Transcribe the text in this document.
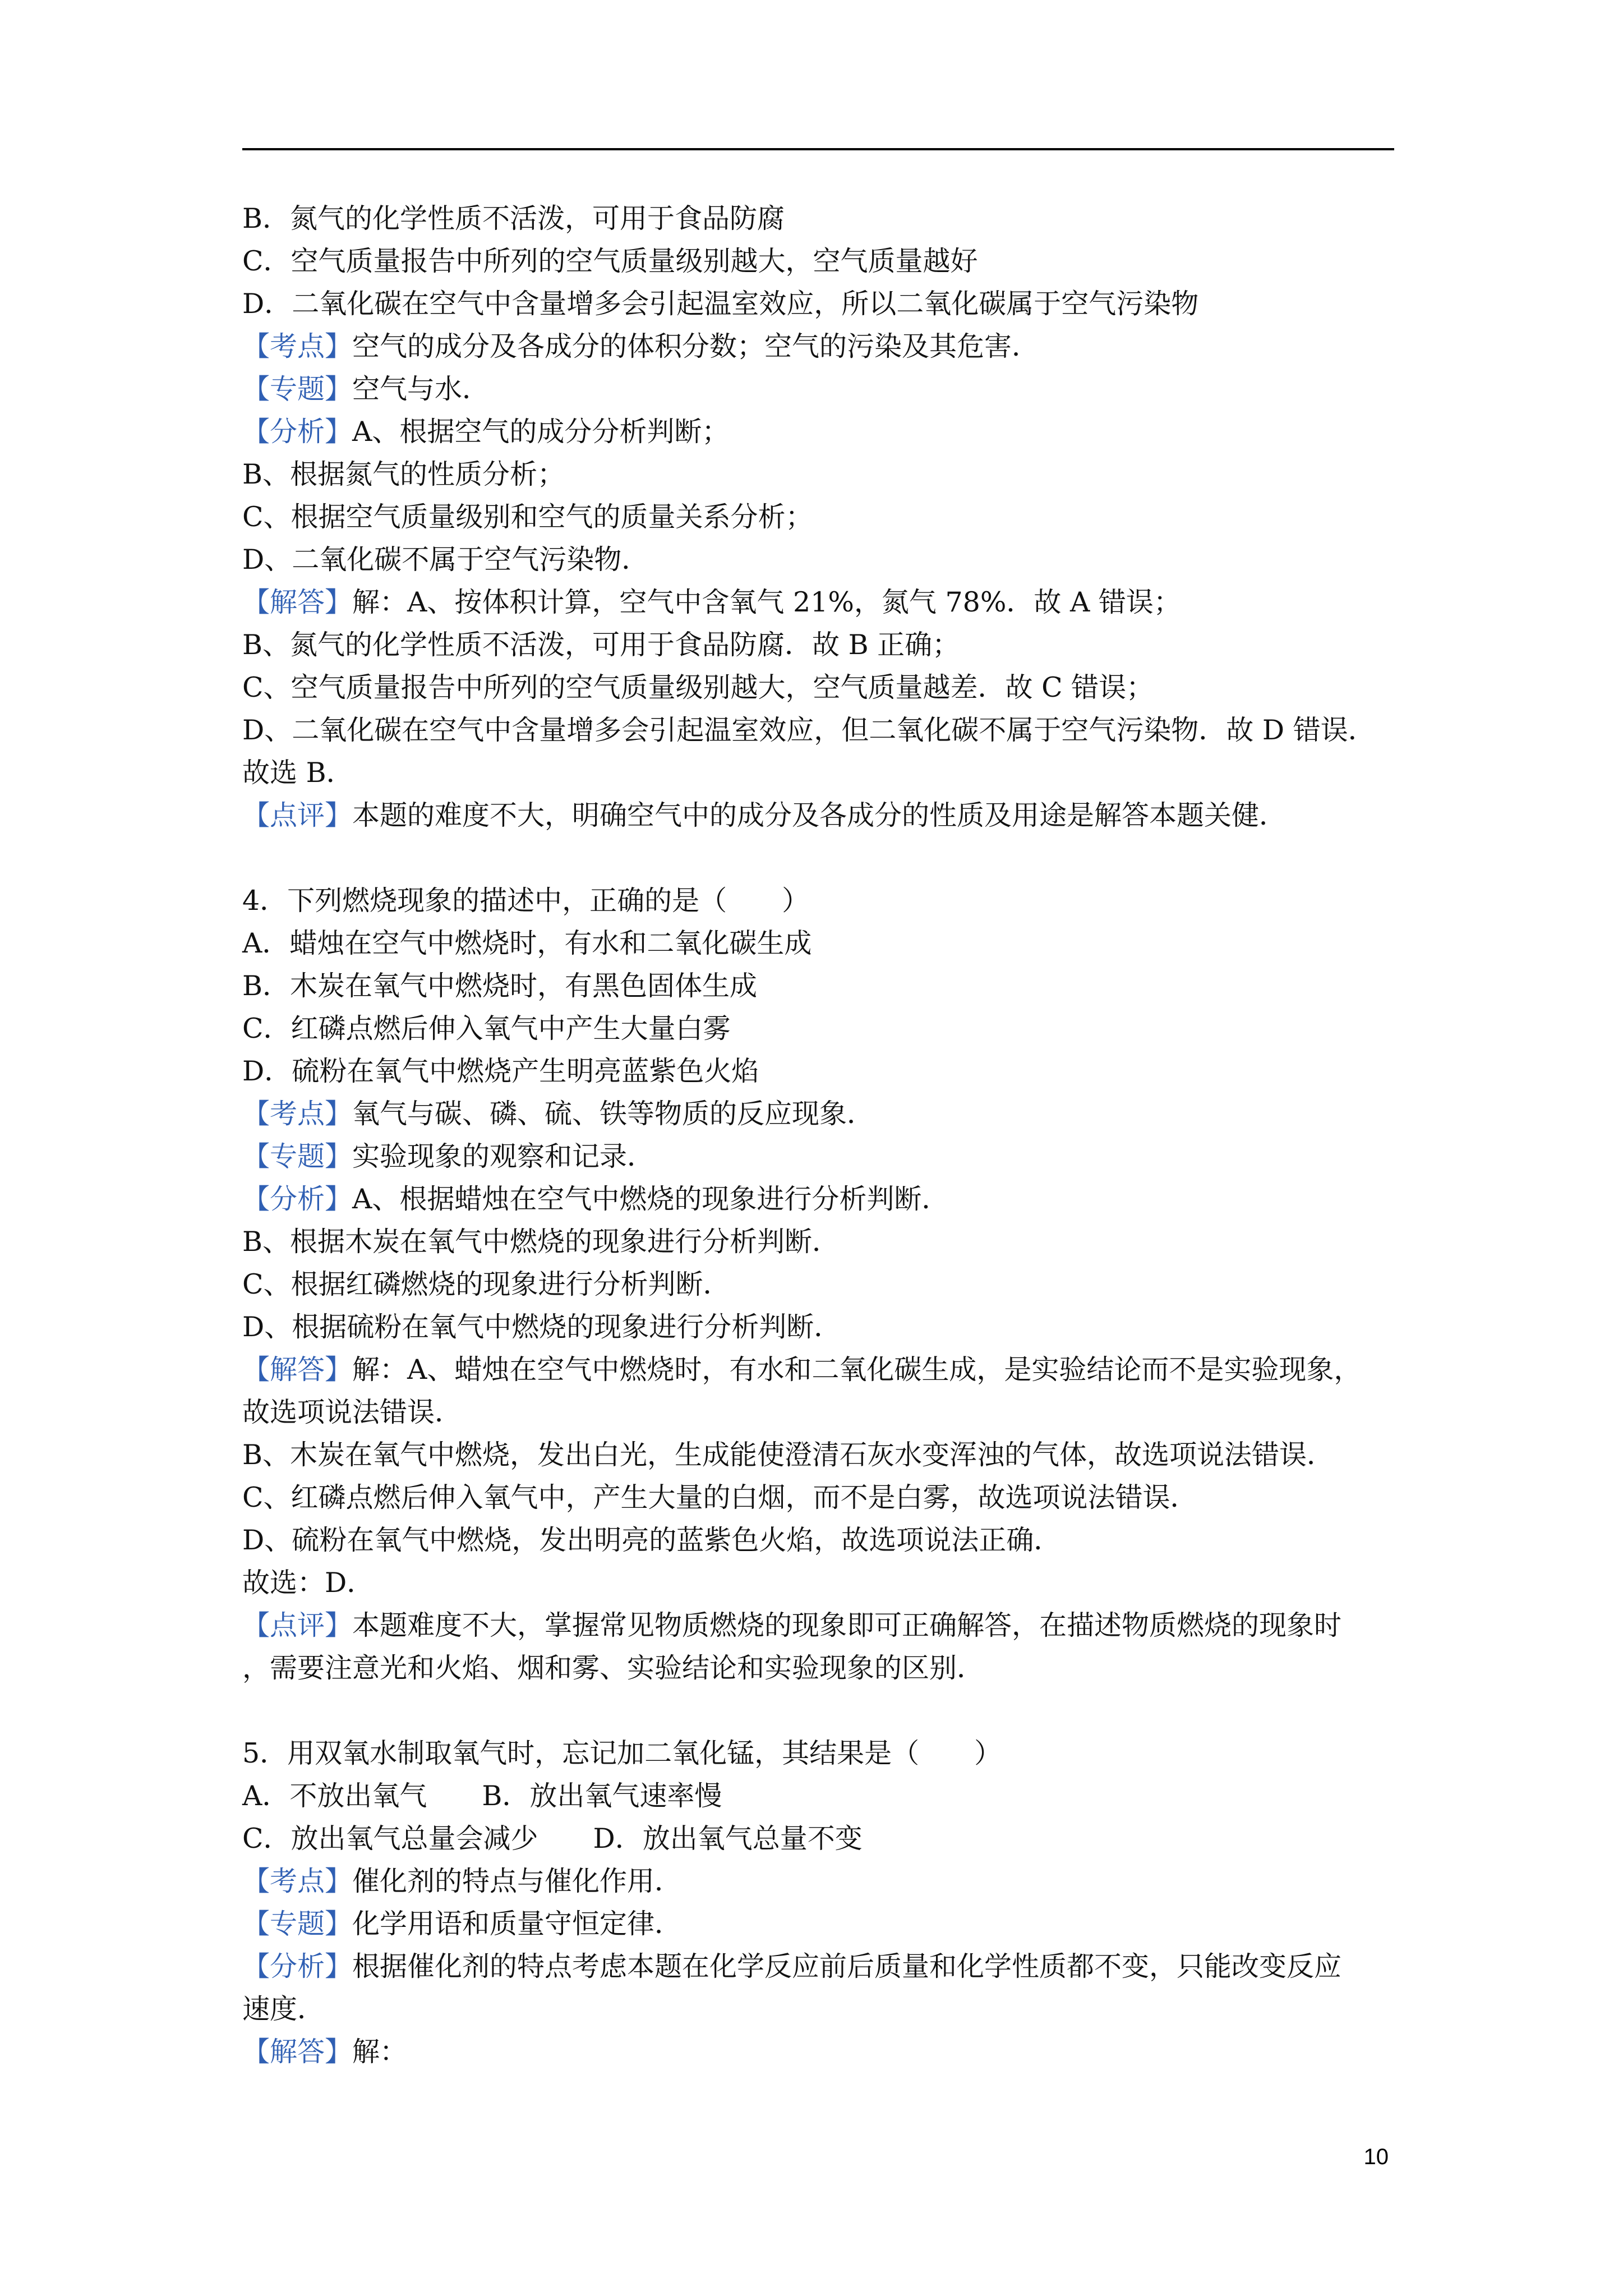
B．氮气的化学性质不活泼，可用于食品防腐
C．空气质量报告中所列的空气质量级别越大，空气质量越好
D．二氧化碳在空气中含量增多会引起温室效应，所以二氧化碳属于空气污染物
【考点】空气的成分及各成分的体积分数；空气的污染及其危害．
【专题】空气与水．
【分析】A、根据空气的成分分析判断；
B、根据氮气的性质分析；
C、根据空气质量级别和空气的质量关系分析；
D、二氧化碳不属于空气污染物．
【解答】解：A、按体积计算，空气中含氧气 21%，氮气 78%．故 A 错误；
B、氮气的化学性质不活泼，可用于食品防腐．故 B 正确；
C、空气质量报告中所列的空气质量级别越大，空气质量越差．故 C 错误；
D、二氧化碳在空气中含量增多会引起温室效应，但二氧化碳不属于空气污染物．故 D 错误．
故选 B．
【点评】本题的难度不大，明确空气中的成分及各成分的性质及用途是解答本题关健．
4．下列燃烧现象的描述中，正确的是（　　）
A．蜡烛在空气中燃烧时，有水和二氧化碳生成
B．木炭在氧气中燃烧时，有黑色固体生成
C．红磷点燃后伸入氧气中产生大量白雾
D．硫粉在氧气中燃烧产生明亮蓝紫色火焰
【考点】氧气与碳、磷、硫、铁等物质的反应现象．
【专题】实验现象的观察和记录．
【分析】A、根据蜡烛在空气中燃烧的现象进行分析判断．
B、根据木炭在氧气中燃烧的现象进行分析判断．
C、根据红磷燃烧的现象进行分析判断．
D、根据硫粉在氧气中燃烧的现象进行分析判断．
【解答】解：A、蜡烛在空气中燃烧时，有水和二氧化碳生成，是实验结论而不是实验现象，
故选项说法错误．
B、木炭在氧气中燃烧，发出白光，生成能使澄清石灰水变浑浊的气体，故选项说法错误．
C、红磷点燃后伸入氧气中，产生大量的白烟，而不是白雾，故选项说法错误．
D、硫粉在氧气中燃烧，发出明亮的蓝紫色火焰，故选项说法正确．
故选：D．
【点评】本题难度不大，掌握常见物质燃烧的现象即可正确解答，在描述物质燃烧的现象时
，需要注意光和火焰、烟和雾、实验结论和实验现象的区别．
5．用双氧水制取氧气时，忘记加二氧化锰，其结果是（　　）
A．不放出氧气　　B．放出氧气速率慢
C．放出氧气总量会减少　　D．放出氧气总量不变
【考点】催化剂的特点与催化作用．
【专题】化学用语和质量守恒定律．
【分析】根据催化剂的特点考虑本题在化学反应前后质量和化学性质都不变，只能改变反应
速度．
【解答】解：
10
